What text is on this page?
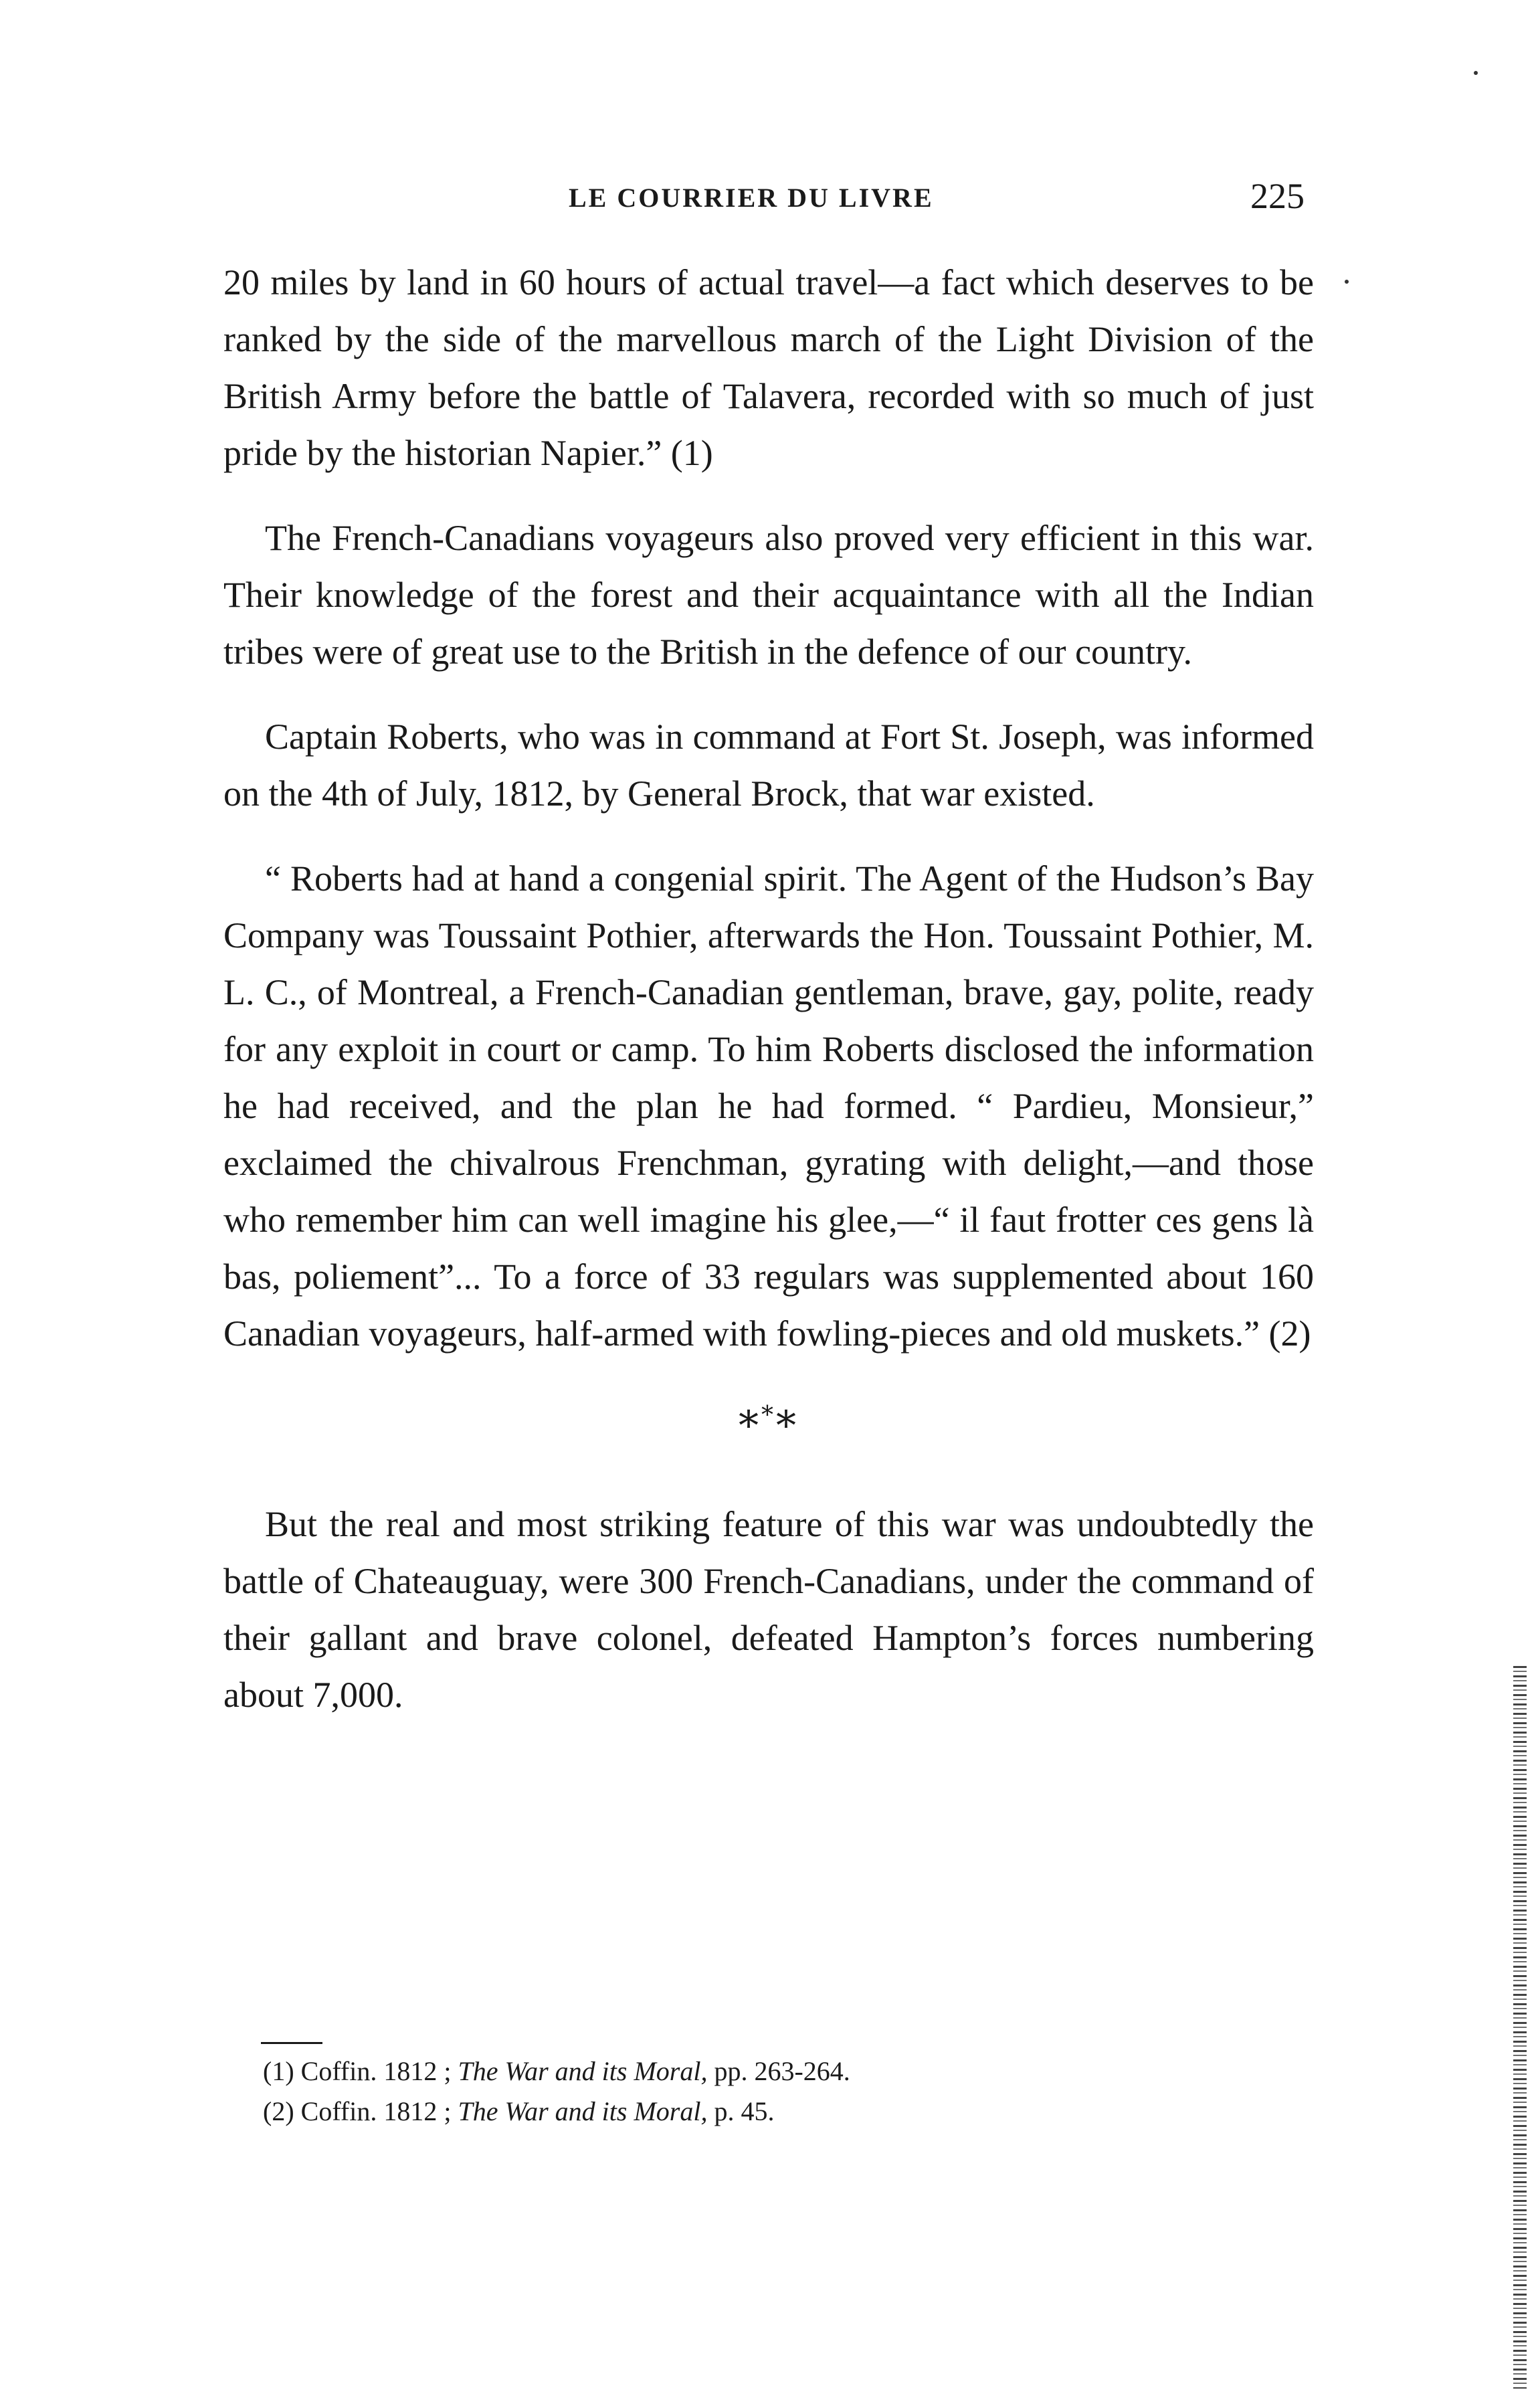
LE COURRIER DU LIVRE	225

20 miles by land in 60 hours of actual travel—a fact which deserves to be ranked by the side of the marvellous march of the Light Division of the British Army before the battle of Talavera, recorded with so much of just pride by the historian Napier.” (1)

The French-Canadians voyageurs also proved very efficient in this war. Their knowledge of the forest and their acquaintance with all the Indian tribes were of great use to the British in the defence of our country.

Captain Roberts, who was in command at Fort St. Joseph, was informed on the 4th of July, 1812, by General Brock, that war existed.

“ Roberts had at hand a congenial spirit. The Agent of the Hudson’s Bay Company was Toussaint Pothier, afterwards the Hon. Toussaint Pothier, M. L. C., of Montreal, a French-Canadian gentleman, brave, gay, polite, ready for any exploit in court or camp. To him Roberts disclosed the information he had received, and the plan he had formed. “ Pardieu, Monsieur,” exclaimed the chivalrous Frenchman, gyrating with delight,—and those who remember him can well imagine his glee,—“ il faut frotter ces gens là bas, poliement”... To a force of 33 regulars was supplemented about 160 Canadian voyageurs, half-armed with fowling-pieces and old muskets.” (2)

***

But the real and most striking feature of this war was undoubtedly the battle of Chateauguay, were 300 French-Canadians, under the command of their gallant and brave colonel, defeated Hampton’s forces numbering about 7,000.

(1) Coffin. 1812 ; The War and its Moral, pp. 263-264.
(2) Coffin. 1812 ; The War and its Moral, p. 45.
